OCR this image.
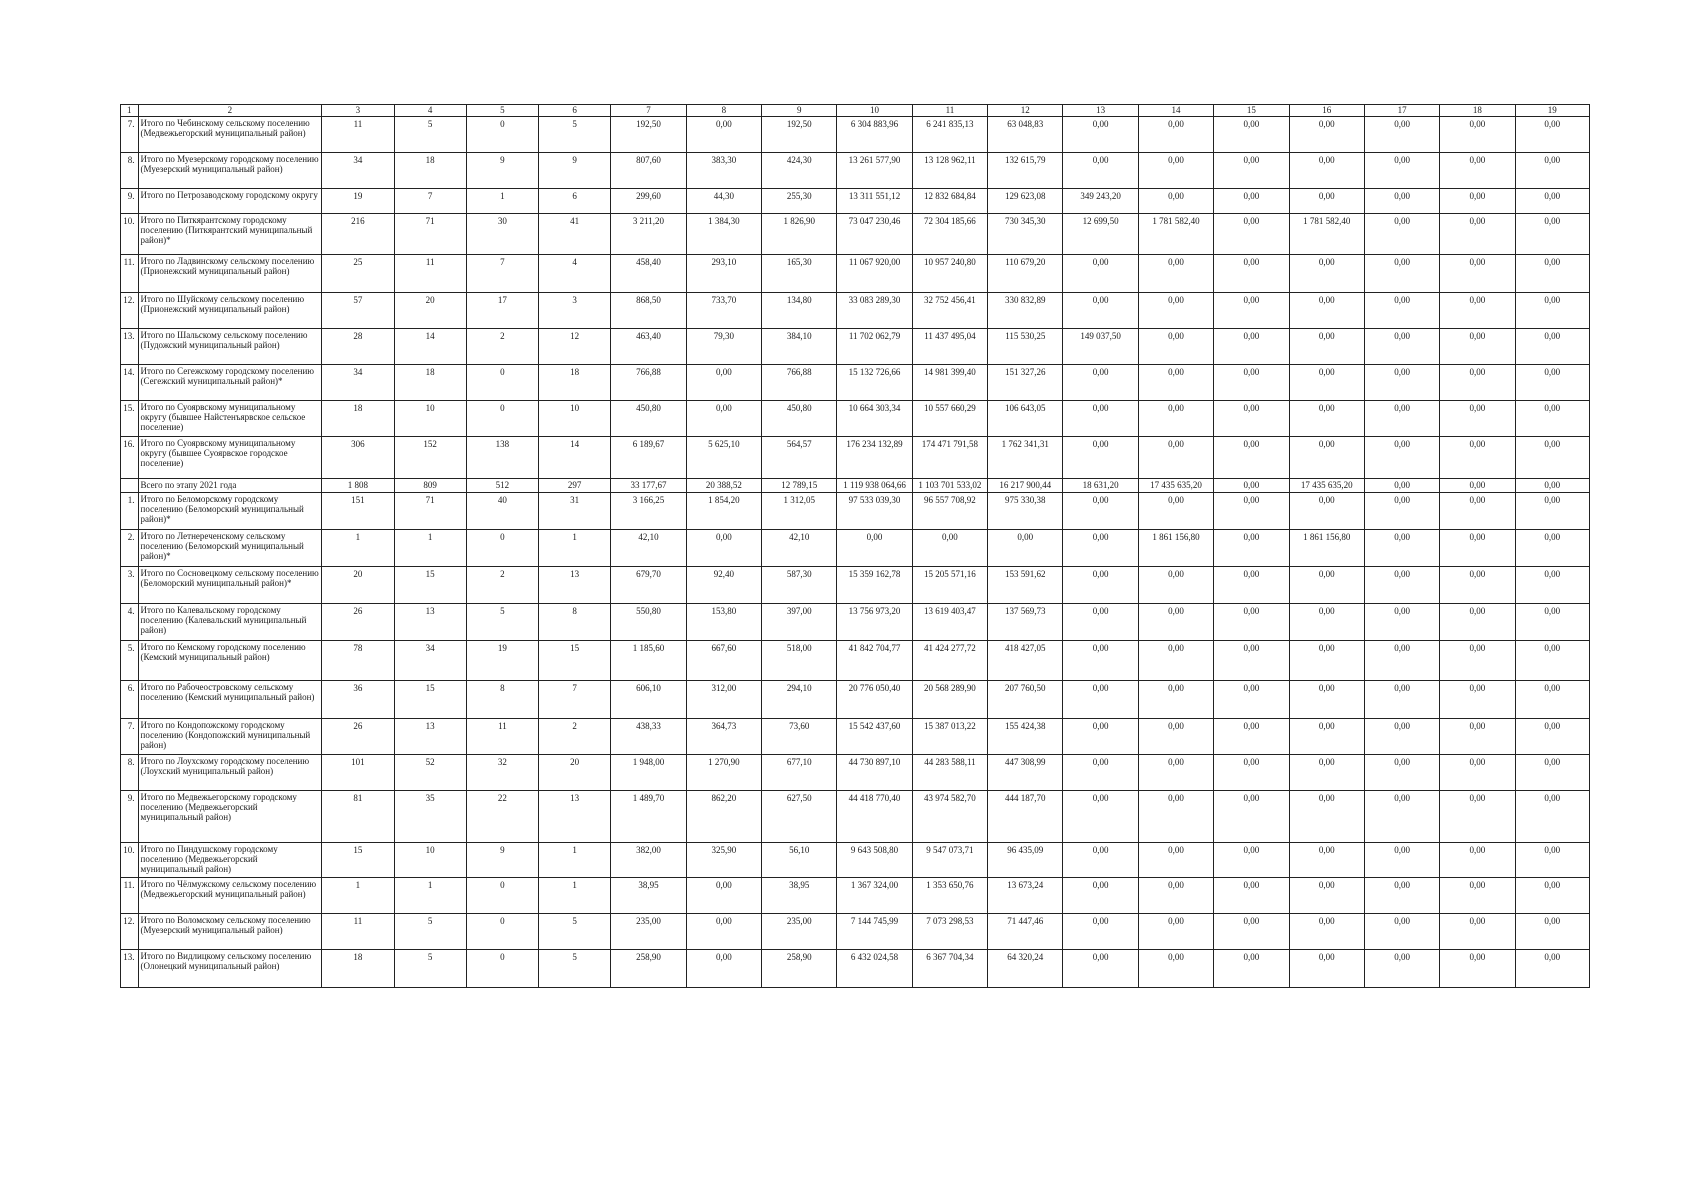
1	2	3	4	5	6	7	8	9	10	11	12	13	14	15	16	17	18	19
7.	Итого по Чебинскому сельскому поселению (Медвежьегорский муниципальный район)	11	5	0	5	192,50	0,00	192,50	6 304 883,96	6 241 835,13	63 048,83	0,00	0,00	0,00	0,00	0,00	0,00	0,00
8.	Итого по Муезерскому городскому поселению (Муезерский муниципальный район)	34	18	9	9	807,60	383,30	424,30	13 261 577,90	13 128 962,11	132 615,79	0,00	0,00	0,00	0,00	0,00	0,00	0,00
9.	Итого по Петрозаводскому городскому округу	19	7	1	6	299,60	44,30	255,30	13 311 551,12	12 832 684,84	129 623,08	349 243,20	0,00	0,00	0,00	0,00	0,00	0,00
10.	Итого по Питкярантскому городскому поселению (Питкярантский муниципальный район)*	216	71	30	41	3 211,20	1 384,30	1 826,90	73 047 230,46	72 304 185,66	730 345,30	12 699,50	1 781 582,40	0,00	1 781 582,40	0,00	0,00	0,00
11.	Итого по Ладвинскому сельскому поселению (Прионежский муниципальный район)	25	11	7	4	458,40	293,10	165,30	11 067 920,00	10 957 240,80	110 679,20	0,00	0,00	0,00	0,00	0,00	0,00	0,00
12.	Итого по Шуйскому сельскому поселению (Прионежский муниципальный район)	57	20	17	3	868,50	733,70	134,80	33 083 289,30	32 752 456,41	330 832,89	0,00	0,00	0,00	0,00	0,00	0,00	0,00
13.	Итого по Шальскому сельскому поселению (Пудожский муниципальный район)	28	14	2	12	463,40	79,30	384,10	11 702 062,79	11 437 495,04	115 530,25	149 037,50	0,00	0,00	0,00	0,00	0,00	0,00
14.	Итого по Сегежскому городскому поселению (Сегежский муниципальный район)*	34	18	0	18	766,88	0,00	766,88	15 132 726,66	14 981 399,40	151 327,26	0,00	0,00	0,00	0,00	0,00	0,00	0,00
15.	Итого по Суоярвскому муниципальному округу (бывшее Найстенъярвское сельское поселение)	18	10	0	10	450,80	0,00	450,80	10 664 303,34	10 557 660,29	106 643,05	0,00	0,00	0,00	0,00	0,00	0,00	0,00
16.	Итого по Суоярвскому муниципальному округу (бывшее Суоярвское городское поселение)	306	152	138	14	6 189,67	5 625,10	564,57	176 234 132,89	174 471 791,58	1 762 341,31	0,00	0,00	0,00	0,00	0,00	0,00	0,00
	Всего по этапу 2021 года	1 808	809	512	297	33 177,67	20 388,52	12 789,15	1 119 938 064,66	1 103 701 533,02	16 217 900,44	18 631,20	17 435 635,20	0,00	17 435 635,20	0,00	0,00	0,00
1.	Итого по Беломорскому городскому поселению (Беломорский муниципальный район)*	151	71	40	31	3 166,25	1 854,20	1 312,05	97 533 039,30	96 557 708,92	975 330,38	0,00	0,00	0,00	0,00	0,00	0,00	0,00
2.	Итого по Летнереченскому сельскому поселению (Беломорский муниципальный район)*	1	1	0	1	42,10	0,00	42,10	0,00	0,00	0,00	0,00	1 861 156,80	0,00	1 861 156,80	0,00	0,00	0,00
3.	Итого по Сосновецкому сельскому поселению (Беломорский муниципальный район)*	20	15	2	13	679,70	92,40	587,30	15 359 162,78	15 205 571,16	153 591,62	0,00	0,00	0,00	0,00	0,00	0,00	0,00
4.	Итого по Калевальскому городскому поселению (Калевальский муниципальный район)	26	13	5	8	550,80	153,80	397,00	13 756 973,20	13 619 403,47	137 569,73	0,00	0,00	0,00	0,00	0,00	0,00	0,00
5.	Итого по Кемскому городскому поселению (Кемский муниципальный район)	78	34	19	15	1 185,60	667,60	518,00	41 842 704,77	41 424 277,72	418 427,05	0,00	0,00	0,00	0,00	0,00	0,00	0,00
6.	Итого по Рабочеостровскому сельскому поселению (Кемский муниципальный район)	36	15	8	7	606,10	312,00	294,10	20 776 050,40	20 568 289,90	207 760,50	0,00	0,00	0,00	0,00	0,00	0,00	0,00
7.	Итого по Кондопожскому городскому поселению (Кондопожский муниципальный район)	26	13	11	2	438,33	364,73	73,60	15 542 437,60	15 387 013,22	155 424,38	0,00	0,00	0,00	0,00	0,00	0,00	0,00
8.	Итого по Лоухскому городскому поселению (Лоухский муниципальный район)	101	52	32	20	1 948,00	1 270,90	677,10	44 730 897,10	44 283 588,11	447 308,99	0,00	0,00	0,00	0,00	0,00	0,00	0,00
9.	Итого по Медвежьегорскому городскому поселению (Медвежьегорский муниципальный район)	81	35	22	13	1 489,70	862,20	627,50	44 418 770,40	43 974 582,70	444 187,70	0,00	0,00	0,00	0,00	0,00	0,00	0,00
10.	Итого по Пиндушскому городскому поселению (Медвежьегорский муниципальный район)	15	10	9	1	382,00	325,90	56,10	9 643 508,80	9 547 073,71	96 435,09	0,00	0,00	0,00	0,00	0,00	0,00	0,00
11.	Итого по Чёлмужскому сельскому поселению (Медвежьегорский муниципальный район)	1	1	0	1	38,95	0,00	38,95	1 367 324,00	1 353 650,76	13 673,24	0,00	0,00	0,00	0,00	0,00	0,00	0,00
12.	Итого по Воломскому сельскому поселению (Муезерский муниципальный район)	11	5	0	5	235,00	0,00	235,00	7 144 745,99	7 073 298,53	71 447,46	0,00	0,00	0,00	0,00	0,00	0,00	0,00
13.	Итого по Видлицкому сельскому поселению (Олонецкий муниципальный район)	18	5	0	5	258,90	0,00	258,90	6 432 024,58	6 367 704,34	64 320,24	0,00	0,00	0,00	0,00	0,00	0,00	0,00
